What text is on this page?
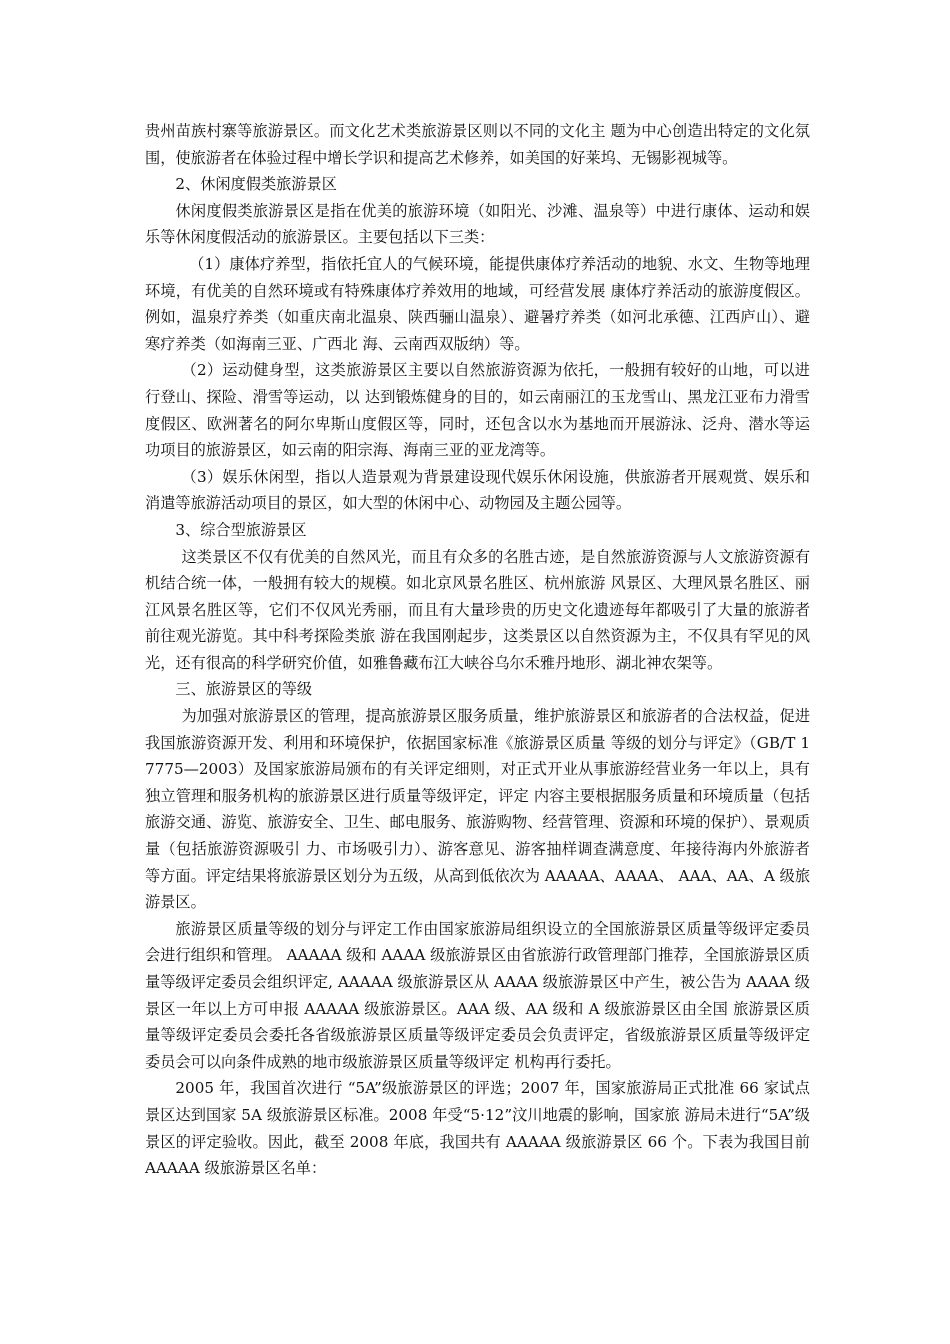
贵州苗族村寨等旅游景区。而文化艺术类旅游景区则以不同的文化主 题为中心创造出特定的文化氛围，使旅游者在体验过程中增长学识和提高艺术修养，如美国的好莱坞、无锡影视城等。

2、休闲度假类旅游景区

休闲度假类旅游景区是指在优美的旅游环境（如阳光、沙滩、温泉等）中进行康体、运动和娱乐等休闲度假活动的旅游景区。主要包括以下三类：

（1）康体疗养型，指依托宜人的气候环境，能提供康体疗养活动的地貌、水文、生物等地理环境，有优美的自然环境或有特殊康体疗养效用的地域，可经营发展 康体疗养活动的旅游度假区。例如，温泉疗养类（如重庆南北温泉、陕西骊山温泉）、避暑疗养类（如河北承德、江西庐山）、避寒疗养类（如海南三亚、广西北 海、云南西双版纳）等。

（2）运动健身型，这类旅游景区主要以自然旅游资源为依托，一般拥有较好的山地，可以进行登山、探险、滑雪等运动，以 达到锻炼健身的目的，如云南丽江的玉龙雪山、黑龙江亚布力滑雪度假区、欧洲著名的阿尔卑斯山度假区等，同时，还包含以水为基地而开展游泳、泛舟、潜水等运 功项目的旅游景区，如云南的阳宗海、海南三亚的亚龙湾等。

（3）娱乐休闲型，指以人造景观为背景建设现代娱乐休闲设施，供旅游者开展观赏、娱乐和消遣等旅游活动项目的景区，如大型的休闲中心、动物园及主题公园等。

3、综合型旅游景区

这类景区不仅有优美的自然风光，而且有众多的名胜古迹，是自然旅游资源与人文旅游资源有机结合统一体，一般拥有较大的规模。如北京风景名胜区、杭州旅游 风景区、大理风景名胜区、丽江风景名胜区等，它们不仅风光秀丽，而且有大量珍贵的历史文化遗迹每年都吸引了大量的旅游者前往观光游览。其中科考探险类旅 游在我国刚起步，这类景区以自然资源为主，不仅具有罕见的风光，还有很高的科学研究价值，如雅鲁藏布江大峡谷乌尔禾雅丹地形、湖北神农架等。

三、旅游景区的等级

为加强对旅游景区的管理，提高旅游景区服务质量，维护旅游景区和旅游者的合法权益，促进我国旅游资源开发、利用和环境保护，依据国家标准《旅游景区质量 等级的划分与评定》（GB/T 17775—2003）及国家旅游局颁布的有关评定细则，对正式开业从事旅游经营业务一年以上，具有独立管理和服务机构的旅游景区进行质量等级评定，评定 内容主要根据服务质量和环境质量（包括旅游交通、游览、旅游安全、卫生、邮电服务、旅游购物、经营管理、资源和环境的保护）、景观质量（包括旅游资源吸引 力、市场吸引力）、游客意见、游客抽样调查满意度、年接待海内外旅游者等方面。评定结果将旅游景区划分为五级，从高到低依次为 AAAAA、AAAA、 AAA、AA、A 级旅游景区。

旅游景区质量等级的划分与评定工作由国家旅游局组织设立的全国旅游景区质量等级评定委员会进行组织和管理。 AAAAA 级和 AAAA 级旅游景区由省旅游行政管理部门推荐，全国旅游景区质量等级评定委员会组织评定, AAAAA 级旅游景区从 AAAA 级旅游景区中产生，被公告为 AAAA 级景区一年以上方可申报 AAAAA 级旅游景区。AAA 级、AA 级和 A 级旅游景区由全国 旅游景区质量等级评定委员会委托各省级旅游景区质量等级评定委员会负责评定，省级旅游景区质量等级评定委员会可以向条件成熟的地市级旅游景区质量等级评定 机构再行委托。

2005 年，我国首次进行 “5A”级旅游景区的评选；2007 年，国家旅游局正式批准 66 家试点景区达到国家 5A 级旅游景区标准。2008 年受“5·12”汶川地震的影响，国家旅 游局未进行“5A”级景区的评定验收。因此，截至 2008 年底，我国共有 AAAAA 级旅游景区 66 个。下表为我国目前 AAAAA 级旅游景区名单：
